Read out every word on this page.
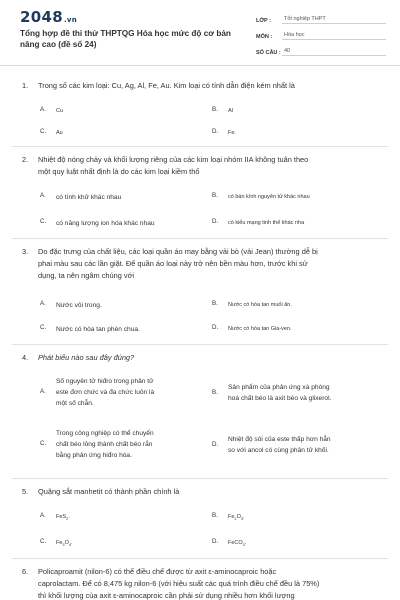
2048.vn
Tổng hợp đề thi thử THPTQG Hóa học mức độ cơ bản nâng cao (đề số 24)
LỚP :	Tốt nghiệp THPT
MÔN :	Hóa học
SỐ CÂU : 40
1. Trong số các kim loại: Cu, Ag, Al, Fe, Au. Kim loại có tính dẫn điện kém nhất là
A.	Cu	B.	Al
C.	Au	D.	Fe.
2. Nhiệt độ nóng chảy và khối lượng riêng của các kim loại nhóm IIA không tuân theo
một quy luật nhất định là do các kim loại kiềm thổ
A.	có tính khử khác nhau	B.	có bán kính nguyên tử khác nhau
C.	có năng lượng ion hóa khác nhau	D.	có kiểu mạng tinh thể khác nha
3. Do đặc trưng của chất liệu, các loại quần áo may bằng vải bò (vải Jean) thường dễ bị
phai màu sau các lần giặt. Để quần áo loại này trở nên bền màu hơn, trước khi sử
dụng, ta nên ngâm chúng với
A.	Nước vôi trong.	B.	Nước có hòa tan muối ăn.
C.	Nước có hòa tan phèn chua.	D.	Nước có hòa tan Gia-ven.
4. Phát biểu nào sau đây đúng?
A.
Số nguyên tử hiđro trong phân tử
este đơn chức và đa chức luôn là
một số chẵn.
B.
Sản phẩm của phản ứng xà phòng
hoá chất béo là axit béo và glixerol.
C.
Trong công nghiệp có thể chuyển
chất béo lỏng thành chất béo rắn
bằng phản ứng hiđro hóa.
D.
Nhiệt độ sôi của este thấp hơn hẳn
so với ancol có cùng phân tử khối.
5. Quặng sắt manhetit có thành phần chính là
A.	FeS$_2$.	B.	$Fe_2O_3$.
C.	$Fe_3O_4$.	D.	FeCO$_3$.
6. Policaproamit (nilon-6) có thể điều chế được từ axit ε-aminocaproic hoặc
caprolactam. Để có 8,475 kg nilon-6 (với hiệu suất các quá trình điều chế đều là 75%)
thì khối lượng của axit ε-aminocaproic cần phải sử dụng nhiều hơn khối lượng
